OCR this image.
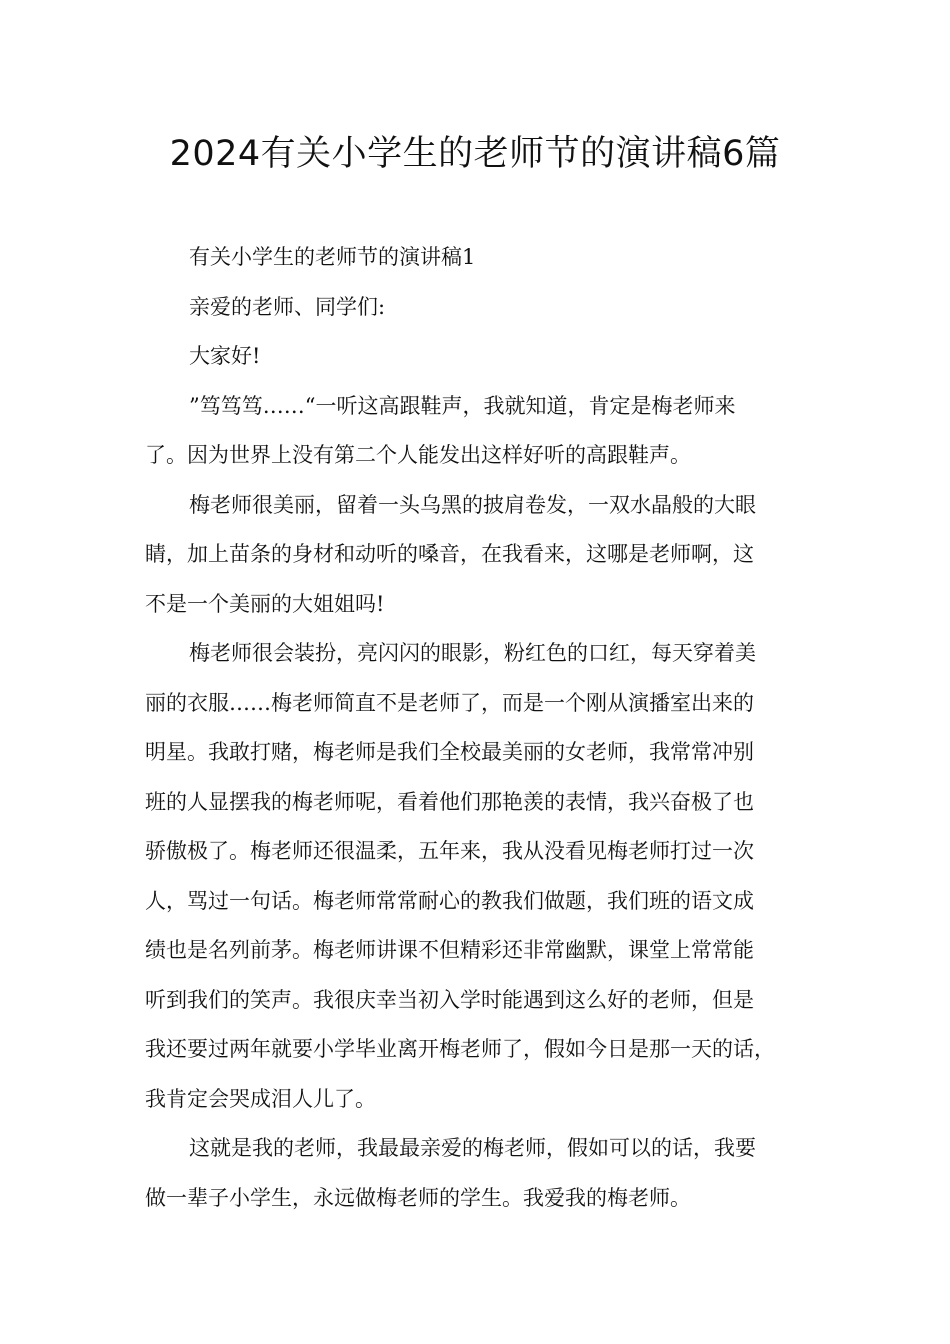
2024有关小学生的老师节的演讲稿6篇

有关小学生的老师节的演讲稿1

亲爱的老师、同学们:

大家好!

”笃笃笃……“一听这高跟鞋声，我就知道，肯定是梅老师来
了。因为世界上没有第二个人能发出这样好听的高跟鞋声。

梅老师很美丽，留着一头乌黑的披肩卷发，一双水晶般的大眼
睛，加上苗条的身材和动听的嗓音，在我看来，这哪是老师啊，这
不是一个美丽的大姐姐吗!

梅老师很会装扮，亮闪闪的眼影，粉红色的口红，每天穿着美
丽的衣服……梅老师简直不是老师了，而是一个刚从演播室出来的
明星。我敢打赌，梅老师是我们全校最美丽的女老师，我常常冲别
班的人显摆我的梅老师呢，看着他们那艳羡的表情，我兴奋极了也
骄傲极了。梅老师还很温柔，五年来，我从没看见梅老师打过一次
人，骂过一句话。梅老师常常耐心的教我们做题，我们班的语文成
绩也是名列前茅。梅老师讲课不但精彩还非常幽默，课堂上常常能
听到我们的笑声。我很庆幸当初入学时能遇到这么好的老师，但是
我还要过两年就要小学毕业离开梅老师了，假如今日是那一天的话，
我肯定会哭成泪人儿了。

这就是我的老师，我最最亲爱的梅老师，假如可以的话，我要
做一辈子小学生，永远做梅老师的学生。我爱我的梅老师。
